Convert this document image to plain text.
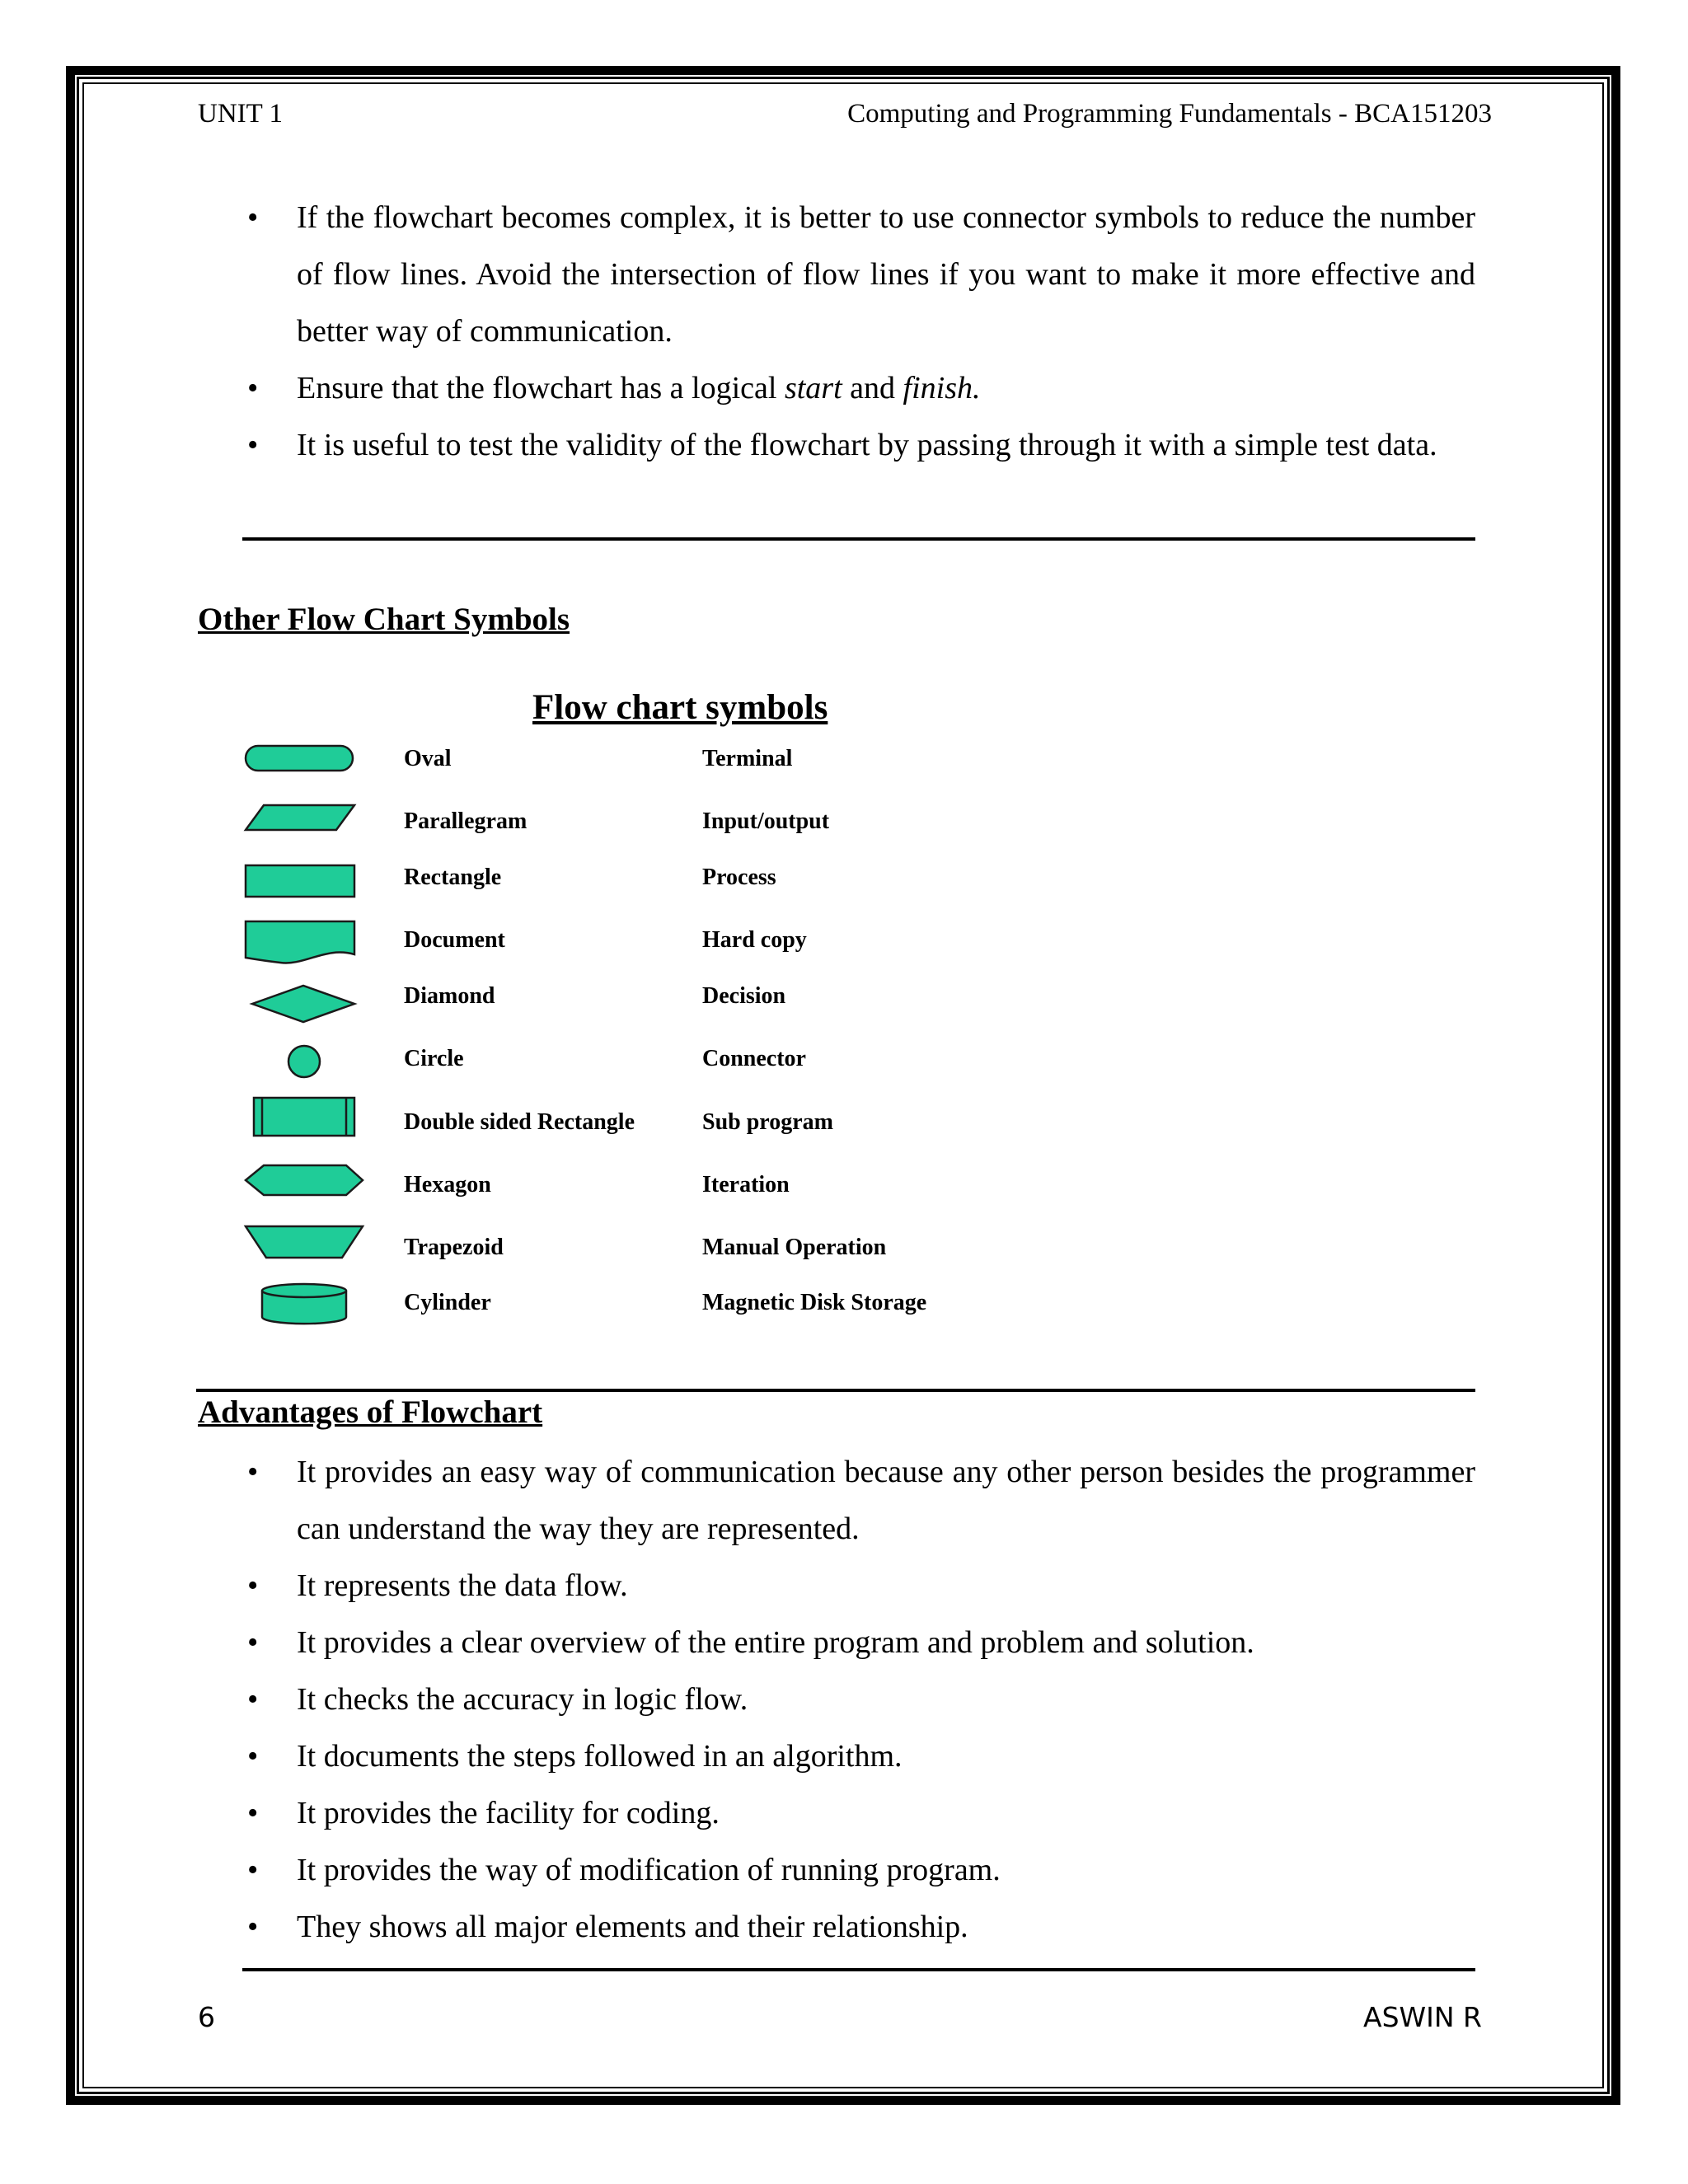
UNIT 1	Computing and Programming Fundamentals - BCA151203
• If the flowchart becomes complex, it is better to use connector symbols to reduce the number of flow lines. Avoid the intersection of flow lines if you want to make it more effective and better way of communication.
• Ensure that the flowchart has a logical start and finish.
• It is useful to test the validity of the flowchart by passing through it with a simple test data.
Other Flow Chart Symbols
Flow chart symbols
Oval	Terminal
Parallegram	Input/output
Rectangle	Process
Document	Hard copy
Diamond	Decision
Circle	Connector
Double sided Rectangle	Sub program
Hexagon	Iteration
Trapezoid	Manual Operation
Cylinder	Magnetic Disk Storage
Advantages of Flowchart
• It provides an easy way of communication because any other person besides the programmer can understand the way they are represented.
• It represents the data flow.
• It provides a clear overview of the entire program and problem and solution.
• It checks the accuracy in logic flow.
• It documents the steps followed in an algorithm.
• It provides the facility for coding.
• It provides the way of modification of running program.
• They shows all major elements and their relationship.
6	ASWIN R
